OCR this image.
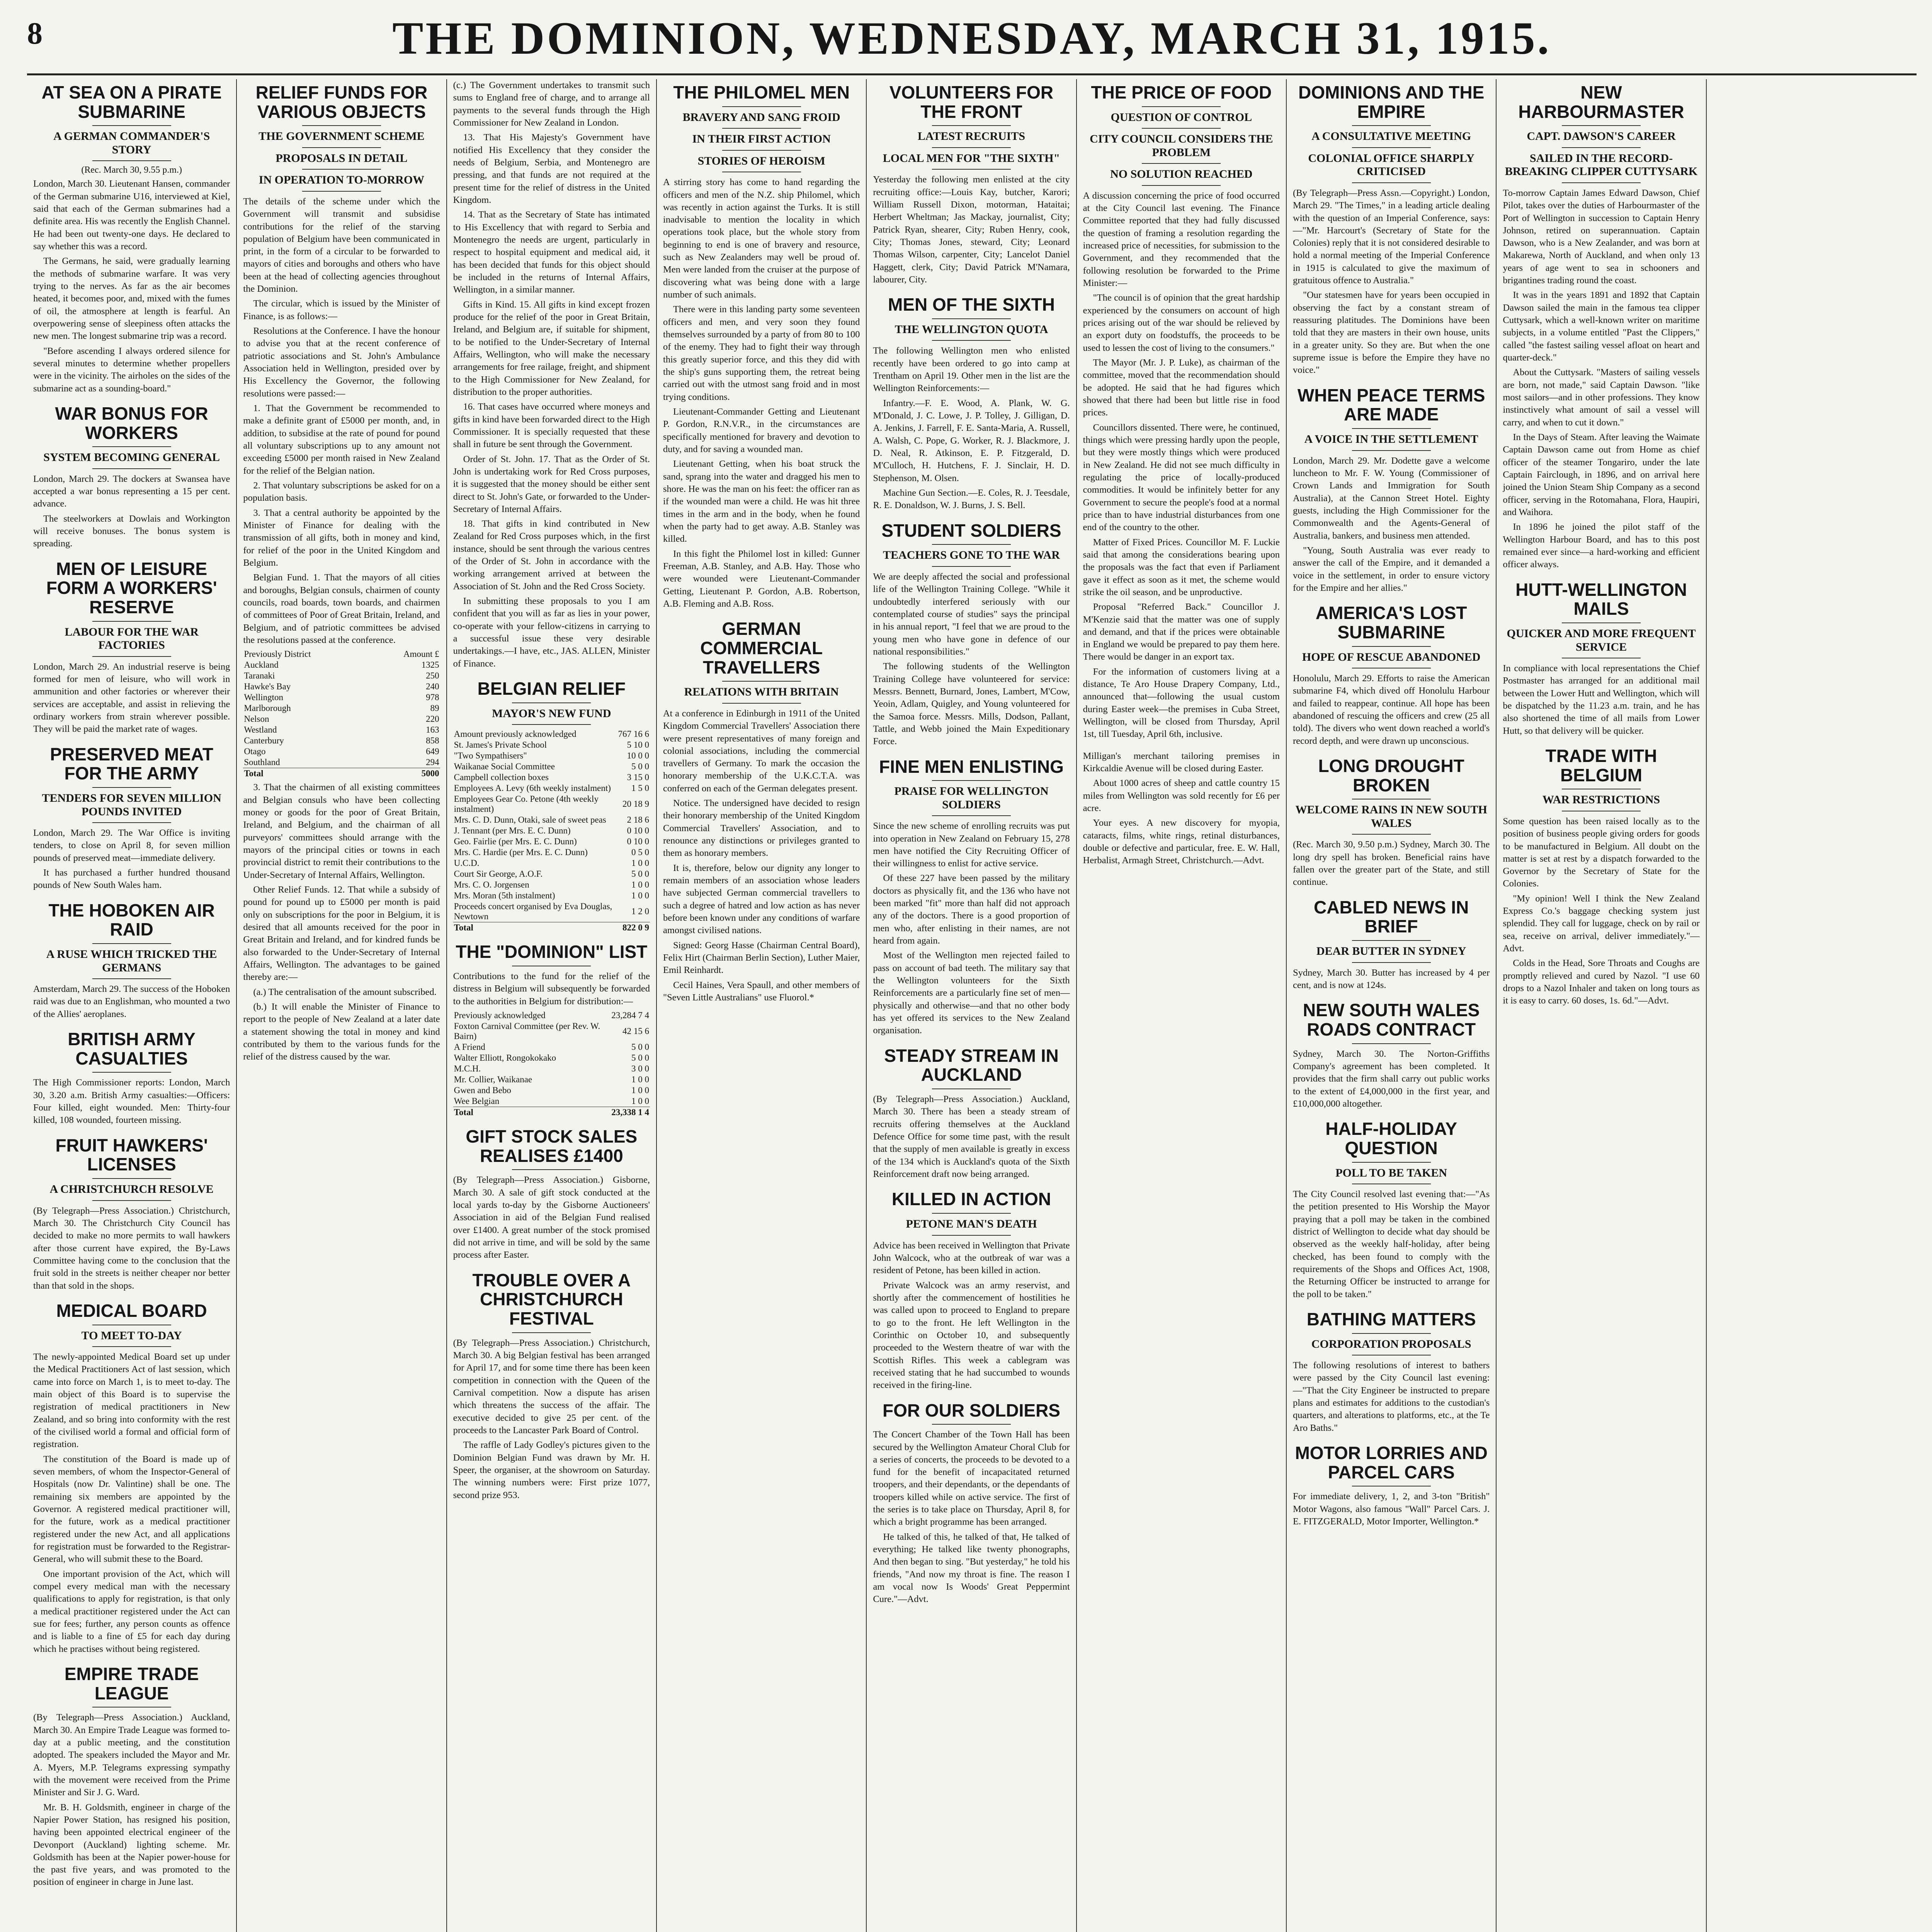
8	THE DOMINION, WEDNESDAY, MARCH 31, 1915.
AT SEA ON A PIRATE SUBMARINE
A GERMAN COMMANDER'S STORY
(Rec. March 30, 9.55 p.m.)

London, March 30. Lieutenant Hansen, commander of the German submarine U16, interviewed at Kiel, said that each of the German submarines had a definite area. His was recently the English Channel. He had been out twenty-one days. He declared to say whether this was a record.

The Germans, he said, were gradually learning the methods of submarine warfare. It was very trying to the nerves. As far as the air becomes heated, it becomes poor, and, mixed with the fumes of oil, the atmosphere at length is fearful. An overpowering sense of sleepiness often attacks the new men. The longest submarine trip was a record.

"Before ascending I always ordered silence for several minutes to determine whether propellers were in the vicinity. The airholes on the sides of the submarine act as a sounding-board."

WAR BONUS FOR WORKERS
SYSTEM BECOMING GENERAL

London, March 29. The dockers at Swansea have accepted a war bonus representing a 15 per cent. advance.

The steelworkers at Dowlais and Workington will receive bonuses. The bonus system is spreading.

MEN OF LEISURE FORM A WORKERS' RESERVE
LABOUR FOR THE WAR FACTORIES

London, March 29. An industrial reserve is being formed for men of leisure, who will work in ammunition and other factories or wherever their services are acceptable, and assist in relieving the ordinary workers from strain wherever possible. They will be paid the market rate of wages.

PRESERVED MEAT FOR THE ARMY
TENDERS FOR SEVEN MILLION POUNDS INVITED

London, March 29. The War Office is inviting tenders, to close on April 8, for seven million pounds of preserved meat—immediate delivery.

It has purchased a further hundred thousand pounds of New South Wales ham.

THE HOBOKEN AIR RAID
A RUSE WHICH TRICKED THE GERMANS

Amsterdam, March 29. The success of the Hoboken raid was due to an Englishman, who mounted a two of the Allies' aeroplanes.

BRITISH ARMY CASUALTIES

The High Commissioner reports: London, March 30, 3.20 a.m. British Army casualties:—Officers: Four killed, eight wounded. Men: Thirty-four killed, 108 wounded, fourteen missing.

FRUIT HAWKERS' LICENSES
A CHRISTCHURCH RESOLVE

(By Telegraph—Press Association.) Christchurch, March 30. The Christchurch City Council has decided to make no more permits to wall hawkers after those current have expired, the By-Laws Committee having come to the conclusion that the fruit sold in the streets is neither cheaper nor better than that sold in the shops.

MEDICAL BOARD
TO MEET TO-DAY

The newly-appointed Medical Board set up under the Medical Practitioners Act of last session, which came into force on March 1, is to meet to-day. The main object of this Board is to supervise the registration of medical practitioners in New Zealand, and so bring into conformity with the rest of the civilised world a formal and official form of registration.

The constitution of the Board is made up of seven members, of whom the Inspector-General of Hospitals (now Dr. Valintine) shall be one. The remaining six members are appointed by the Governor. A registered medical practitioner will, for the future, work as a medical practitioner registered under the new Act, and all applications for registration must be forwarded to the Registrar-General, who will submit these to the Board.

One important provision of the Act, which will compel every medical man with the necessary qualifications to apply for registration, is that only a medical practitioner registered under the Act can sue for fees; further, any person counts as offence and is liable to a fine of £5 for each day during which he practises without being registered.

EMPIRE TRADE LEAGUE

(By Telegraph—Press Association.) Auckland, March 30. An Empire Trade League was formed to-day at a public meeting, and the constitution adopted. The speakers included the Mayor and Mr. A. Myers, M.P. Telegrams expressing sympathy with the movement were received from the Prime Minister and Sir J. G. Ward.

Mr. B. H. Goldsmith, engineer in charge of the Napier Power Station, has resigned his position, having been appointed electrical engineer of the Devonport (Auckland) lighting scheme. Mr. Goldsmith has been at the Napier power-house for the past five years, and was promoted to the position of engineer in charge in June last.

RELIEF FUNDS FOR VARIOUS OBJECTS
THE GOVERNMENT SCHEME
PROPOSALS IN DETAIL
IN OPERATION TO-MORROW

The details of the scheme under which the Government will transmit and subsidise contributions for the relief of the starving population of Belgium have been communicated in print, in the form of a circular to be forwarded to mayors of cities and boroughs and others who have been at the head of collecting agencies throughout the Dominion.

The circular, which is issued by the Minister of Finance, is as follows:—

Resolutions at the Conference. I have the honour to advise you that at the recent conference of patriotic associations and St. John's Ambulance Association held in Wellington, presided over by His Excellency the Governor, the following resolutions were passed:—

1. That the Government be recommended to make a definite grant of £5000 per month, and, in addition, to subsidise at the rate of pound for pound all voluntary subscriptions up to any amount not exceeding £5000 per month raised in New Zealand for the relief of the Belgian nation.

2. That voluntary subscriptions be asked for on a population basis.

3. That a central authority be appointed by the Minister of Finance for dealing with the transmission of all gifts, both in money and kind, for relief of the poor in the United Kingdom and Belgium.

Belgian Fund. 1. That the mayors of all cities and boroughs, Belgian consuls, chairmen of county councils, road boards, town boards, and chairmen of committees of Poor of Great Britain, Ireland, and Belgium, and of patriotic committees be advised the resolutions passed at the conference.

Previously District	Amount £
Auckland	1325
Taranaki	250
Hawke's Bay	240
Wellington	978
Marlborough	89
Nelson	220
Westland	163
Canterbury	858
Otago	649
Southland	294
Total	5000

3. That the chairmen of all existing committees and Belgian consuls who have been collecting money or goods for the poor of Great Britain, Ireland, and Belgium, and the chairman of all purveyors' committees should arrange with the mayors of the principal cities or towns in each provincial district to remit their contributions to the Under-Secretary of Internal Affairs, Wellington.

Other Relief Funds. 12. That while a subsidy of pound for pound up to £5000 per month is paid only on subscriptions for the poor in Belgium, it is desired that all amounts received for the poor in Great Britain and Ireland, and for kindred funds be also forwarded to the Under-Secretary of Internal Affairs, Wellington. The advantages to be gained thereby are:—

(a.) The centralisation of the amount subscribed.

(b.) It will enable the Minister of Finance to report to the people of New Zealand at a later date a statement showing the total in money and kind contributed by them to the various funds for the relief of the distress caused by the war.

(c.) The Government undertakes to transmit such sums to England free of charge, and to arrange all payments to the several funds through the High Commissioner for New Zealand in London.

13. That His Majesty's Government have notified His Excellency that they consider the needs of Belgium, Serbia, and Montenegro are pressing, and that funds are not required at the present time for the relief of distress in the United Kingdom.

14. That as the Secretary of State has intimated to His Excellency that with regard to Serbia and Montenegro the needs are urgent, particularly in respect to hospital equipment and medical aid, it has been decided that funds for this object should be included in the returns of Internal Affairs, Wellington, in a similar manner.

Gifts in Kind. 15. All gifts in kind except frozen produce for the relief of the poor in Great Britain, Ireland, and Belgium are, if suitable for shipment, to be notified to the Under-Secretary of Internal Affairs, Wellington, who will make the necessary arrangements for free railage, freight, and shipment to the High Commissioner for New Zealand, for distribution to the proper authorities.

16. That cases have occurred where moneys and gifts in kind have been forwarded direct to the High Commissioner. It is specially requested that these shall in future be sent through the Government.

Order of St. John. 17. That as the Order of St. John is undertaking work for Red Cross purposes, it is suggested that the money should be either sent direct to St. John's Gate, or forwarded to the Under-Secretary of Internal Affairs.

18. That gifts in kind contributed in New Zealand for Red Cross purposes which, in the first instance, should be sent through the various centres of the Order of St. John in accordance with the working arrangement arrived at between the Association of St. John and the Red Cross Society.

In submitting these proposals to you I am confident that you will as far as lies in your power, co-operate with your fellow-citizens in carrying to a successful issue these very desirable undertakings.—I have, etc., JAS. ALLEN, Minister of Finance.

BELGIAN RELIEF
MAYOR'S NEW FUND
Amount previously acknowledged	767 16 6
St. James's Private School	5 10 0
"Two Sympathisers"	10 0 0
Waikanae Social Committee	5 0 0
Campbell collection boxes	3 15 0
Employees A. Levy (6th weekly instalment)	1 5 0
Employees Gear Co. Petone (4th weekly instalment)	20 18 9
Mrs. C. D. Dunn, Otaki, sale of sweet peas	2 18 6
J. Tennant (per Mrs. E. C. Dunn)	0 10 0
Geo. Fairlie (per Mrs. E. C. Dunn)	0 10 0
Mrs. C. Hardie (per Mrs. E. C. Dunn)	0 5 0
U.C.D.	1 0 0
Court Sir George, A.O.F.	5 0 0
Mrs. C. O. Jorgensen	1 0 0
Mrs. Moran (5th instalment)	1 0 0
Proceeds concert organised by Eva Douglas, Newtown	1 2 0
Total	822 0 9
THE "DOMINION" LIST

Contributions to the fund for the relief of the distress in Belgium will subsequently be forwarded to the authorities in Belgium for distribution:—

Previously acknowledged	23,284 7 4
Foxton Carnival Committee (per Rev. W. Bairn)	42 15 6
A Friend	5 0 0
Walter Elliott, Rongokokako	5 0 0
M.C.H.	3 0 0
Mr. Collier, Waikanae	1 0 0
Gwen and Bebo	1 0 0
Wee Belgian	1 0 0
Total	23,338 1 4
GIFT STOCK SALES REALISES £1400

(By Telegraph—Press Association.) Gisborne, March 30. A sale of gift stock conducted at the local yards to-day by the Gisborne Auctioneers' Association in aid of the Belgian Fund realised over £1400. A great number of the stock promised did not arrive in time, and will be sold by the same process after Easter.

TROUBLE OVER A CHRISTCHURCH FESTIVAL

(By Telegraph—Press Association.) Christchurch, March 30. A big Belgian festival has been arranged for April 17, and for some time there has been keen competition in connection with the Queen of the Carnival competition. Now a dispute has arisen which threatens the success of the affair. The executive decided to give 25 per cent. of the proceeds to the Lancaster Park Board of Control.

The raffle of Lady Godley's pictures given to the Dominion Belgian Fund was drawn by Mr. H. Speer, the organiser, at the showroom on Saturday. The winning numbers were: First prize 1077, second prize 953.

THE PHILOMEL MEN
BRAVERY AND SANG FROID
IN THEIR FIRST ACTION
STORIES OF HEROISM

A stirring story has come to hand regarding the officers and men of the N.Z. ship Philomel, which was recently in action against the Turks. It is still inadvisable to mention the locality in which operations took place, but the whole story from beginning to end is one of bravery and resource, such as New Zealanders may well be proud of. Men were landed from the cruiser at the purpose of discovering what was being done with a large number of such animals.

There were in this landing party some seventeen officers and men, and very soon they found themselves surrounded by a party of from 80 to 100 of the enemy. They had to fight their way through this greatly superior force, and this they did with the ship's guns supporting them, the retreat being carried out with the utmost sang froid and in most trying conditions.

Lieutenant-Commander Getting and Lieutenant P. Gordon, R.N.V.R., in the circumstances are specifically mentioned for bravery and devotion to duty, and for saving a wounded man.

Lieutenant Getting, when his boat struck the sand, sprang into the water and dragged his men to shore. He was the man on his feet: the officer ran as if the wounded man were a child. He was hit three times in the arm and in the body, when he found when the party had to get away. A.B. Stanley was killed.

In this fight the Philomel lost in killed: Gunner Freeman, A.B. Stanley, and A.B. Hay. Those who were wounded were Lieutenant-Commander Getting, Lieutenant P. Gordon, A.B. Robertson, A.B. Fleming and A.B. Ross.

GERMAN COMMERCIAL TRAVELLERS
RELATIONS WITH BRITAIN

At a conference in Edinburgh in 1911 of the United Kingdom Commercial Travellers' Association there were present representatives of many foreign and colonial associations, including the commercial travellers of Germany. To mark the occasion the honorary membership of the U.K.C.T.A. was conferred on each of the German delegates present.

Notice. The undersigned have decided to resign their honorary membership of the United Kingdom Commercial Travellers' Association, and to renounce any distinctions or privileges granted to them as honorary members.

It is, therefore, below our dignity any longer to remain members of an association whose leaders have subjected German commercial travellers to such a degree of hatred and low action as has never before been known under any conditions of warfare amongst civilised nations.

Signed: Georg Hasse (Chairman Central Board), Felix Hirt (Chairman Berlin Section), Luther Maier, Emil Reinhardt.

Cecil Haines, Vera Spaull, and other members of "Seven Little Australians" use Fluorol.*

VOLUNTEERS FOR THE FRONT
LATEST RECRUITS
LOCAL MEN FOR "THE SIXTH"

Yesterday the following men enlisted at the city recruiting office:—Louis Kay, butcher, Karori; William Russell Dixon, motorman, Hataitai; Herbert Wheltman; Jas Mackay, journalist, City; Patrick Ryan, shearer, City; Ruben Henry, cook, City; Thomas Jones, steward, City; Leonard Thomas Wilson, carpenter, City; Lancelot Daniel Haggett, clerk, City; David Patrick M'Namara, labourer, City.

MEN OF THE SIXTH
THE WELLINGTON QUOTA

The following Wellington men who enlisted recently have been ordered to go into camp at Trentham on April 19. Other men in the list are the Wellington Reinforcements:—

Infantry.—F. E. Wood, A. Plank, W. G. M'Donald, J. C. Lowe, J. P. Tolley, J. Gilligan, D. A. Jenkins, J. Farrell, F. E. Santa-Maria, A. Russell, A. Walsh, C. Pope, G. Worker, R. J. Blackmore, J. D. Neal, R. Atkinson, E. P. Fitzgerald, D. M'Culloch, H. Hutchens, F. J. Sinclair, H. D. Stephenson, M. Olsen.

Machine Gun Section.—E. Coles, R. J. Teesdale, R. E. Donaldson, W. J. Burns, J. S. Bell.

STUDENT SOLDIERS
TEACHERS GONE TO THE WAR

We are deeply affected the social and professional life of the Wellington Training College. "While it undoubtedly interfered seriously with our contemplated course of studies" says the principal in his annual report, "I feel that we are proud to the young men who have gone in defence of our national responsibilities."

The following students of the Wellington Training College have volunteered for service: Messrs. Bennett, Burnard, Jones, Lambert, M'Cow, Yeoin, Adlam, Quigley, and Young volunteered for the Samoa force. Messrs. Mills, Dodson, Pallant, Tattle, and Webb joined the Main Expeditionary Force.

FINE MEN ENLISTING
PRAISE FOR WELLINGTON SOLDIERS

Since the new scheme of enrolling recruits was put into operation in New Zealand on February 15, 278 men have notified the City Recruiting Officer of their willingness to enlist for active service.

Of these 227 have been passed by the military doctors as physically fit, and the 136 who have not been marked "fit" more than half did not approach any of the doctors. There is a good proportion of men who, after enlisting in their names, are not heard from again.

Most of the Wellington men rejected failed to pass on account of bad teeth. The military say that the Wellington volunteers for the Sixth Reinforcements are a particularly fine set of men—physically and otherwise—and that no other body has yet offered its services to the New Zealand organisation.

STEADY STREAM IN AUCKLAND

(By Telegraph—Press Association.) Auckland, March 30. There has been a steady stream of recruits offering themselves at the Auckland Defence Office for some time past, with the result that the supply of men available is greatly in excess of the 134 which is Auckland's quota of the Sixth Reinforcement draft now being arranged.

KILLED IN ACTION
PETONE MAN'S DEATH

Advice has been received in Wellington that Private John Walcock, who at the outbreak of war was a resident of Petone, has been killed in action.

Private Walcock was an army reservist, and shortly after the commencement of hostilities he was called upon to proceed to England to prepare to go to the front. He left Wellington in the Corinthic on October 10, and subsequently proceeded to the Western theatre of war with the Scottish Rifles. This week a cablegram was received stating that he had succumbed to wounds received in the firing-line.

FOR OUR SOLDIERS

The Concert Chamber of the Town Hall has been secured by the Wellington Amateur Choral Club for a series of concerts, the proceeds to be devoted to a fund for the benefit of incapacitated returned troopers, and their dependants, or the dependants of troopers killed while on active service. The first of the series is to take place on Thursday, April 8, for which a bright programme has been arranged.

He talked of this, he talked of that, He talked of everything; He talked like twenty phonographs, And then began to sing. "But yesterday," he told his friends, "And now my throat is fine. The reason I am vocal now Is Woods' Great Peppermint Cure."—Advt.

THE PRICE OF FOOD
QUESTION OF CONTROL
CITY COUNCIL CONSIDERS THE PROBLEM
NO SOLUTION REACHED

A discussion concerning the price of food occurred at the City Council last evening. The Finance Committee reported that they had fully discussed the question of framing a resolution regarding the increased price of necessities, for submission to the Government, and they recommended that the following resolution be forwarded to the Prime Minister:—

"The council is of opinion that the great hardship experienced by the consumers on account of high prices arising out of the war should be relieved by an export duty on foodstuffs, the proceeds to be used to lessen the cost of living to the consumers."

The Mayor (Mr. J. P. Luke), as chairman of the committee, moved that the recommendation should be adopted. He said that he had figures which showed that there had been but little rise in food prices.

Councillors dissented. There were, he continued, things which were pressing hardly upon the people, but they were mostly things which were produced in New Zealand. He did not see much difficulty in regulating the price of locally-produced commodities. It would be infinitely better for any Government to secure the people's food at a normal price than to have industrial disturbances from one end of the country to the other.

Matter of Fixed Prices. Councillor M. F. Luckie said that among the considerations bearing upon the proposals was the fact that even if Parliament gave it effect as soon as it met, the scheme would strike the oil season, and be unproductive.

Proposal "Referred Back." Councillor J. M'Kenzie said that the matter was one of supply and demand, and that if the prices were obtainable in England we would be prepared to pay them here. There would be danger in an export tax.

For the information of customers living at a distance, Te Aro House Drapery Company, Ltd., announced that—following the usual custom during Easter week—the premises in Cuba Street, Wellington, will be closed from Thursday, April 1st, till Tuesday, April 6th, inclusive.

Milligan's merchant tailoring premises in Kirkcaldie Avenue will be closed during Easter.

About 1000 acres of sheep and cattle country 15 miles from Wellington was sold recently for £6 per acre.

Your eyes. A new discovery for myopia, cataracts, films, white rings, retinal disturbances, double or defective and particular, free. E. W. Hall, Herbalist, Armagh Street, Christchurch.—Advt.

DOMINIONS AND THE EMPIRE
A CONSULTATIVE MEETING
COLONIAL OFFICE SHARPLY CRITICISED

(By Telegraph—Press Assn.—Copyright.) London, March 29. "The Times," in a leading article dealing with the question of an Imperial Conference, says:—"Mr. Harcourt's (Secretary of State for the Colonies) reply that it is not considered desirable to hold a normal meeting of the Imperial Conference in 1915 is calculated to give the maximum of gratuitous offence to Australia."

"Our statesmen have for years been occupied in observing the fact by a constant stream of reassuring platitudes. The Dominions have been told that they are masters in their own house, units in a greater unity. So they are. But when the one supreme issue is before the Empire they have no voice."

WHEN PEACE TERMS ARE MADE
A VOICE IN THE SETTLEMENT

London, March 29. Mr. Dodette gave a welcome luncheon to Mr. F. W. Young (Commissioner of Crown Lands and Immigration for South Australia), at the Cannon Street Hotel. Eighty guests, including the High Commissioner for the Commonwealth and the Agents-General of Australia, bankers, and business men attended.

"Young, South Australia was ever ready to answer the call of the Empire, and it demanded a voice in the settlement, in order to ensure victory for the Empire and her allies."

AMERICA'S LOST SUBMARINE
HOPE OF RESCUE ABANDONED

Honolulu, March 29. Efforts to raise the American submarine F4, which dived off Honolulu Harbour and failed to reappear, continue. All hope has been abandoned of rescuing the officers and crew (25 all told). The divers who went down reached a world's record depth, and were drawn up unconscious.

LONG DROUGHT BROKEN
WELCOME RAINS IN NEW SOUTH WALES

(Rec. March 30, 9.50 p.m.) Sydney, March 30. The long dry spell has broken. Beneficial rains have fallen over the greater part of the State, and still continue.

CABLED NEWS IN BRIEF
DEAR BUTTER IN SYDNEY

Sydney, March 30. Butter has increased by 4 per cent, and is now at 124s.

NEW SOUTH WALES ROADS CONTRACT

Sydney, March 30. The Norton-Griffiths Company's agreement has been completed. It provides that the firm shall carry out public works to the extent of £4,000,000 in the first year, and £10,000,000 altogether.

HALF-HOLIDAY QUESTION
POLL TO BE TAKEN

The City Council resolved last evening that:—"As the petition presented to His Worship the Mayor praying that a poll may be taken in the combined district of Wellington to decide what day should be observed as the weekly half-holiday, after being checked, has been found to comply with the requirements of the Shops and Offices Act, 1908, the Returning Officer be instructed to arrange for the poll to be taken."

BATHING MATTERS
CORPORATION PROPOSALS

The following resolutions of interest to bathers were passed by the City Council last evening:—"That the City Engineer be instructed to prepare plans and estimates for additions to the custodian's quarters, and alterations to platforms, etc., at the Te Aro Baths."

MOTOR LORRIES AND PARCEL CARS

For immediate delivery, 1, 2, and 3-ton "British" Motor Wagons, also famous "Wall" Parcel Cars. J. E. FITZGERALD, Motor Importer, Wellington.*

NEW HARBOURMASTER
CAPT. DAWSON'S CAREER
SAILED IN THE RECORD-BREAKING CLIPPER CUTTYSARK

To-morrow Captain James Edward Dawson, Chief Pilot, takes over the duties of Harbourmaster of the Port of Wellington in succession to Captain Henry Johnson, retired on superannuation. Captain Dawson, who is a New Zealander, and was born at Makarewa, North of Auckland, and when only 13 years of age went to sea in schooners and brigantines trading round the coast.

It was in the years 1891 and 1892 that Captain Dawson sailed the main in the famous tea clipper Cuttysark, which a well-known writer on maritime subjects, in a volume entitled "Past the Clippers," called "the fastest sailing vessel afloat on heart and quarter-deck."

About the Cuttysark. "Masters of sailing vessels are born, not made," said Captain Dawson. "like most sailors—and in other professions. They know instinctively what amount of sail a vessel will carry, and when to cut it down."

In the Days of Steam. After leaving the Waimate Captain Dawson came out from Home as chief officer of the steamer Tongariro, under the late Captain Fairclough, in 1896, and on arrival here joined the Union Steam Ship Company as a second officer, serving in the Rotomahana, Flora, Haupiri, and Waihora.

In 1896 he joined the pilot staff of the Wellington Harbour Board, and has to this post remained ever since—a hard-working and efficient officer always.

HUTT-WELLINGTON MAILS
QUICKER AND MORE FREQUENT SERVICE

In compliance with local representations the Chief Postmaster has arranged for an additional mail between the Lower Hutt and Wellington, which will be dispatched by the 11.23 a.m. train, and he has also shortened the time of all mails from Lower Hutt, so that delivery will be quicker.

TRADE WITH BELGIUM
WAR RESTRICTIONS

Some question has been raised locally as to the position of business people giving orders for goods to be manufactured in Belgium. All doubt on the matter is set at rest by a dispatch forwarded to the Governor by the Secretary of State for the Colonies.

"My opinion! Well I think the New Zealand Express Co.'s baggage checking system just splendid. They call for luggage, check on by rail or sea, receive on arrival, deliver immediately."—Advt.

Colds in the Head, Sore Throats and Coughs are promptly relieved and cured by Nazol. "I use 60 drops to a Nazol Inhaler and taken on long tours as it is easy to carry. 60 doses, 1s. 6d."—Advt.
